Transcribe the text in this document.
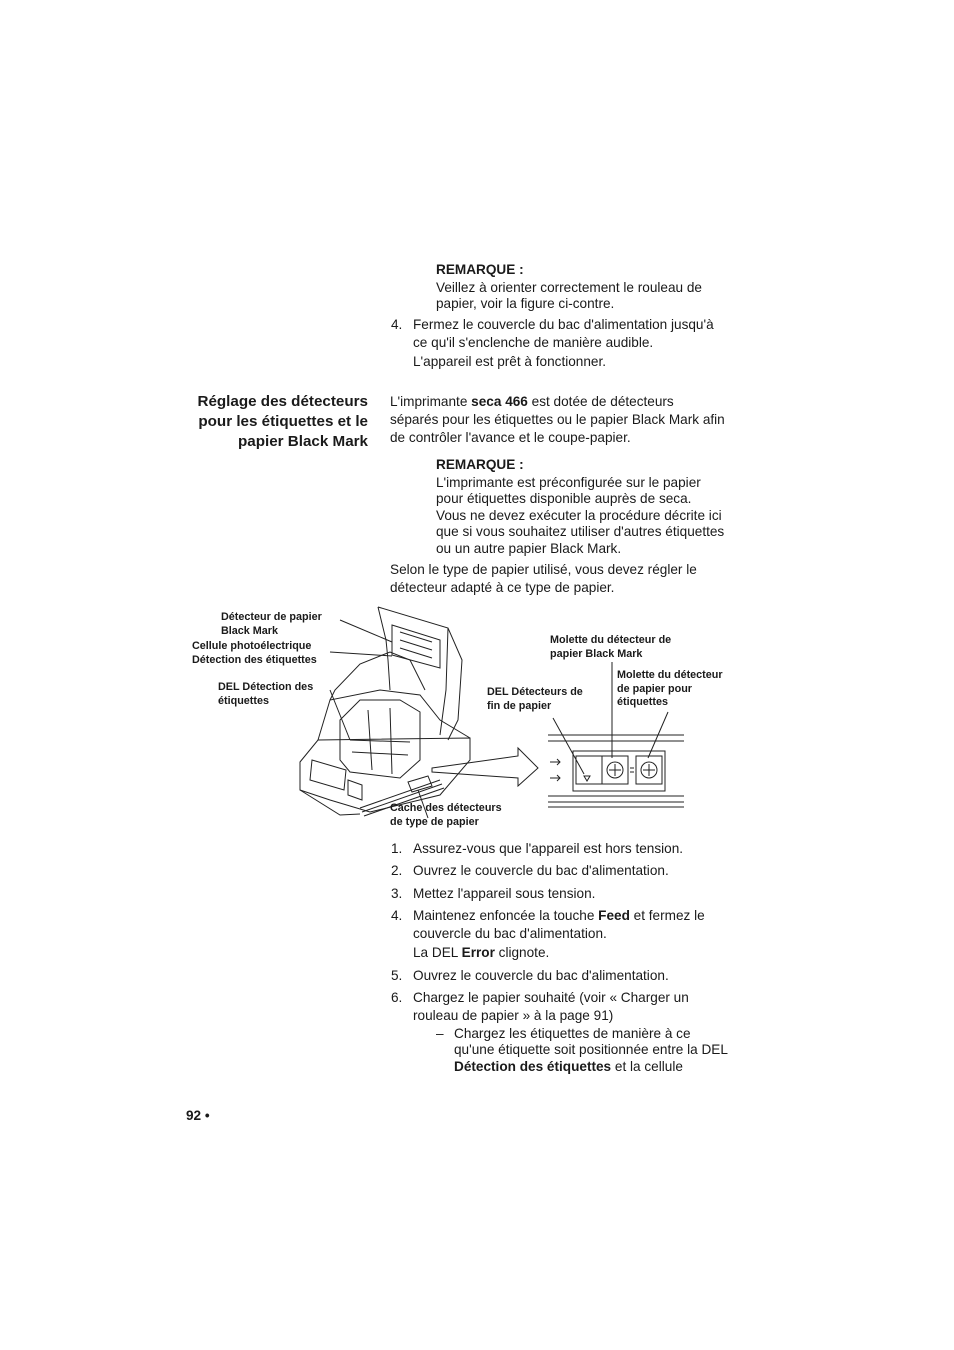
REMARQUE :
Veillez à orienter correctement le rouleau de
papier, voir la figure ci-contre.
4. Fermez le couvercle du bac d'alimentation jusqu'à
ce qu'il s'enclenche de manière audible.
L'appareil est prêt à fonctionner.
Réglage des détecteurs
pour les étiquettes et le
papier Black Mark
L'imprimante seca 466 est dotée de détecteurs
séparés pour les étiquettes ou le papier Black Mark afin
de contrôler l'avance et le coupe-papier.
REMARQUE :
L'imprimante est préconfigurée sur le papier
pour étiquettes disponible auprès de seca.
Vous ne devez exécuter la procédure décrite ici
que si vous souhaitez utiliser d'autres étiquettes
ou un autre papier Black Mark.
Selon le type de papier utilisé, vous devez régler le
détecteur adapté à ce type de papier.
Détecteur de papier
Black Mark
Cellule photoélectrique
Détection des étiquettes
DEL Détection des
étiquettes
Cache des détecteurs
de type de papier
Molette du détecteur de
papier Black Mark
Molette du détecteur
de papier pour
étiquettes
DEL Détecteurs de
fin de papier
1. Assurez-vous que l'appareil est hors tension.
2. Ouvrez le couvercle du bac d'alimentation.
3. Mettez l'appareil sous tension.
4. Maintenez enfoncée la touche Feed et fermez le
couvercle du bac d'alimentation.
La DEL Error clignote.
5. Ouvrez le couvercle du bac d'alimentation.
6. Chargez le papier souhaité (voir « Charger un
rouleau de papier » à la page 91)
– Chargez les étiquettes de manière à ce
qu'une étiquette soit positionnée entre la DEL
Détection des étiquettes et la cellule
92 •
